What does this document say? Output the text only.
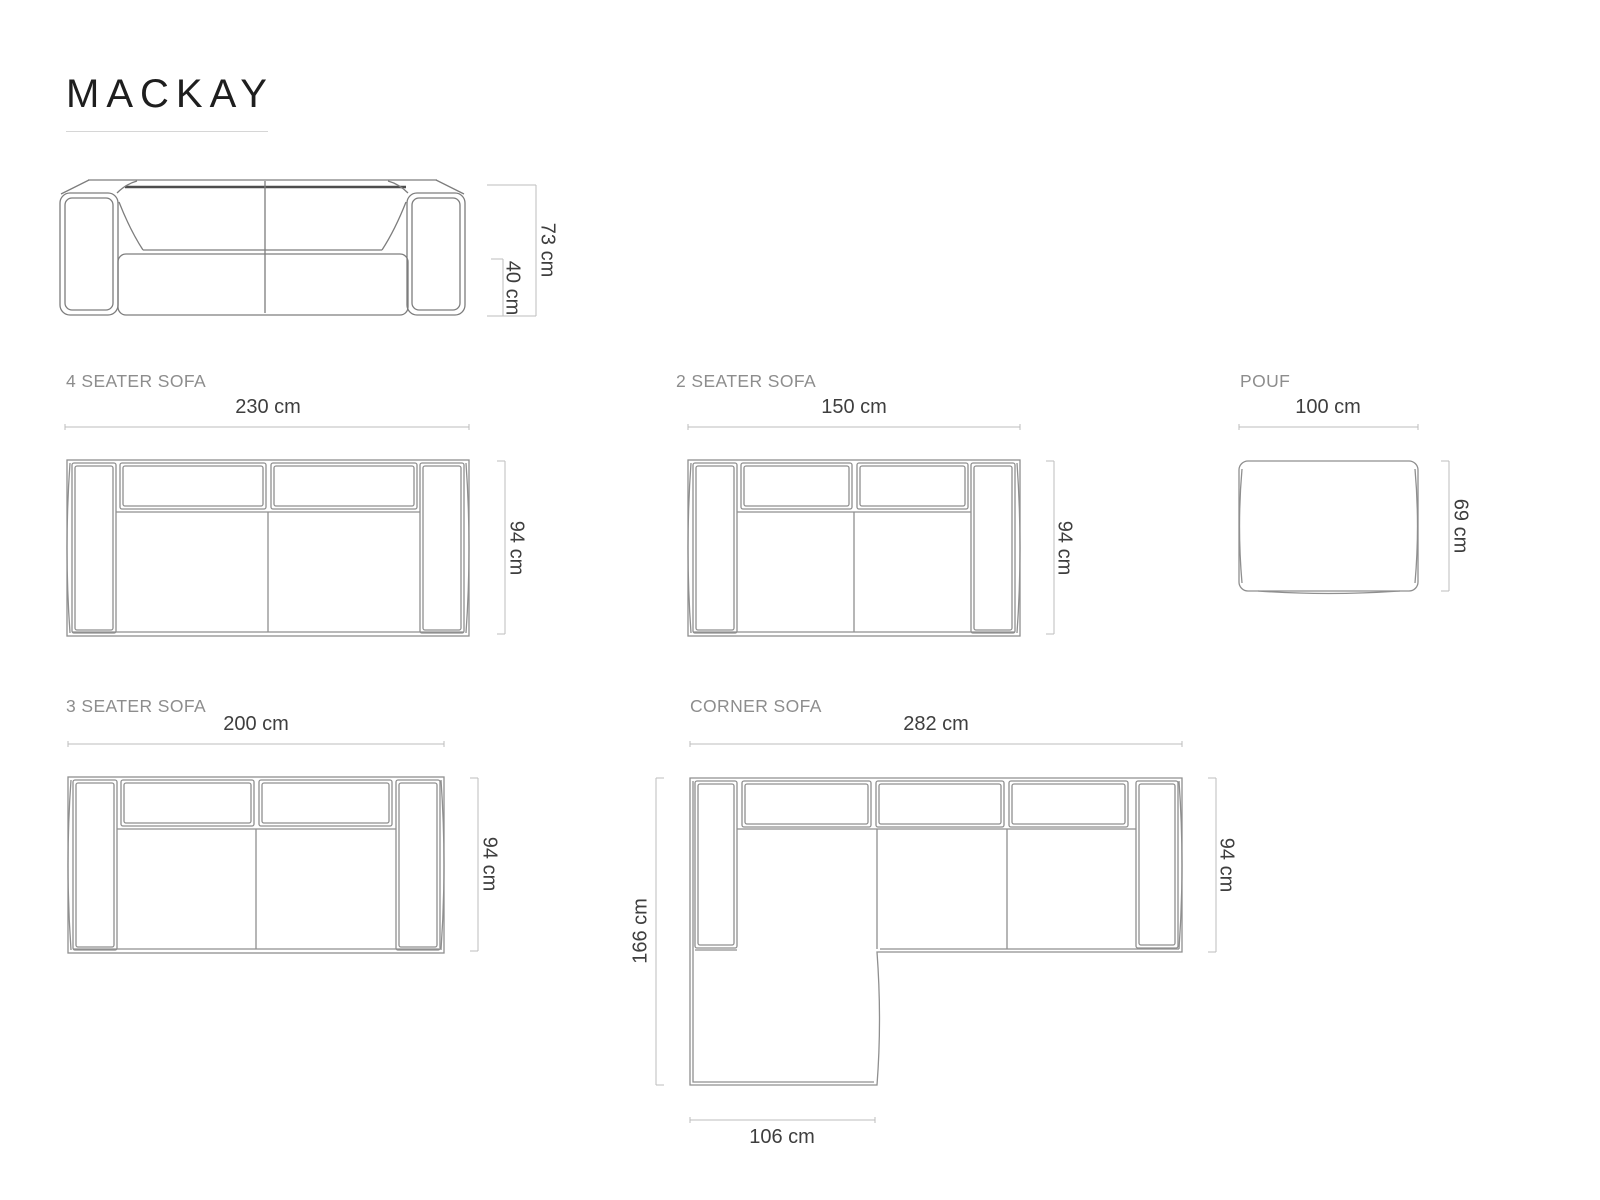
MACKAY
73 cm
40 cm
4 SEATER SOFA
230 cm
94 cm
2 SEATER SOFA
150 cm
94 cm
POUF
100 cm
69 cm
3 SEATER SOFA
200 cm
94 cm
CORNER SOFA
282 cm
94 cm
166 cm
106 cm
